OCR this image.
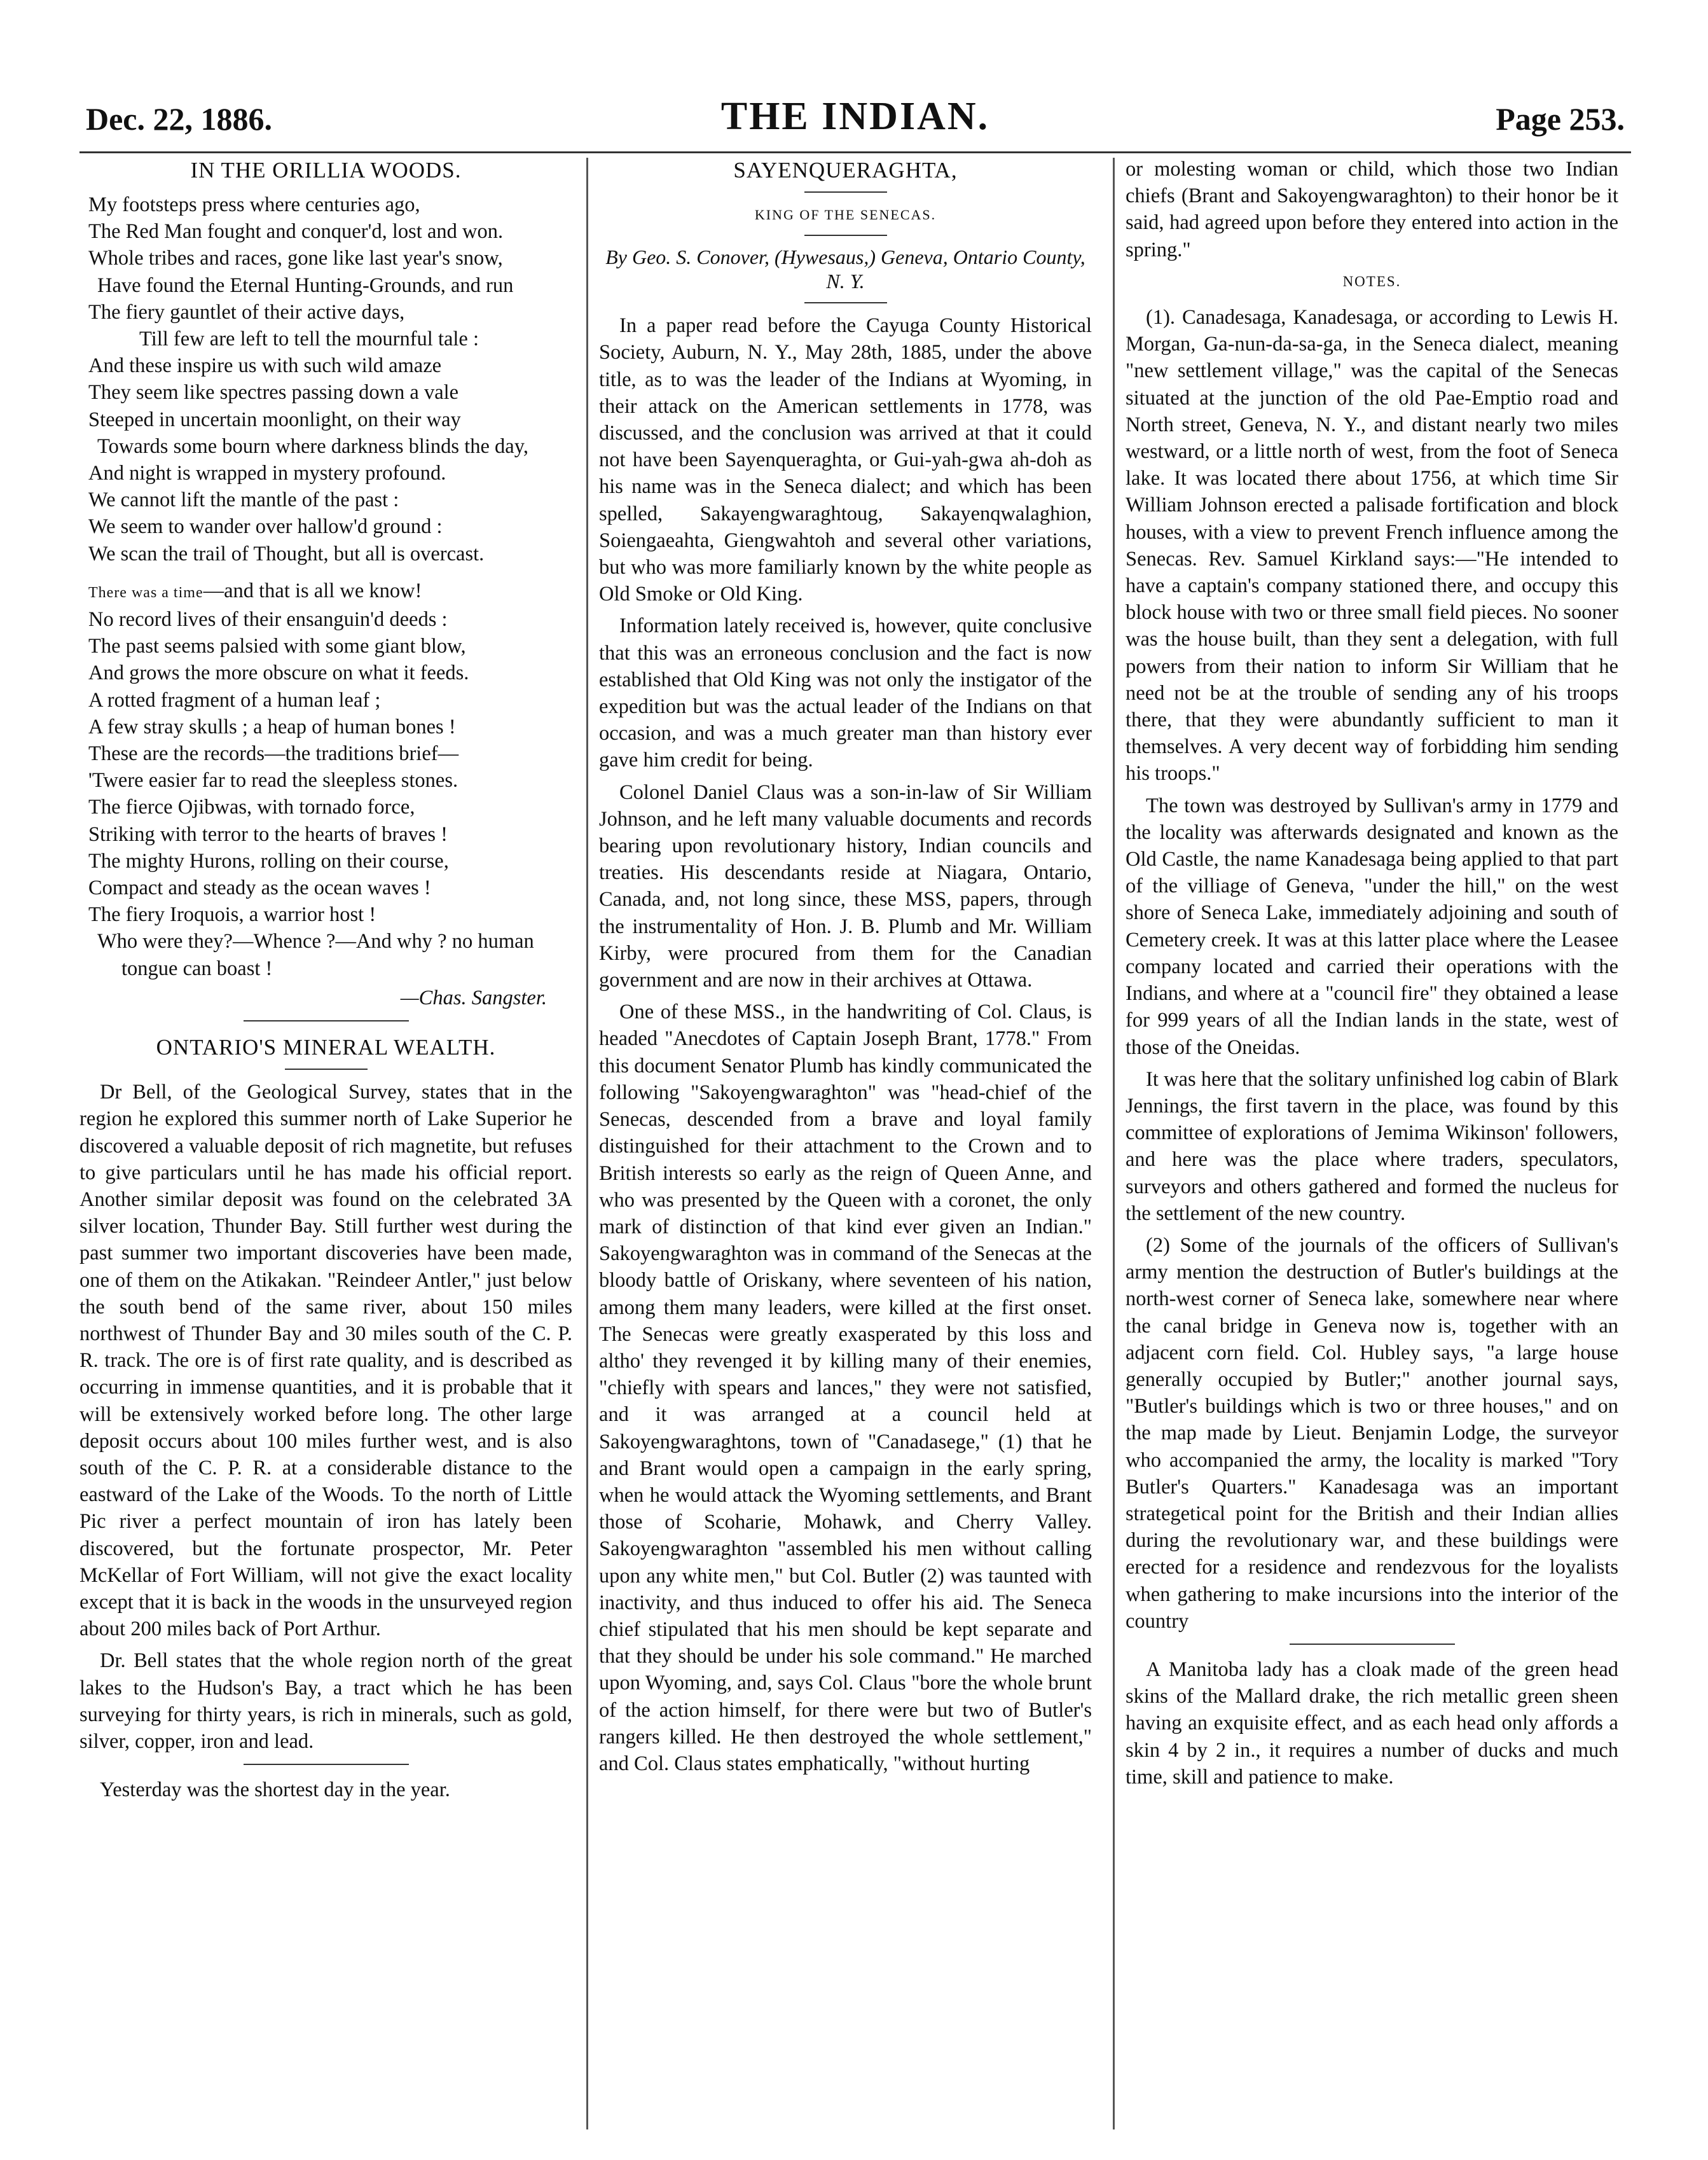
Dec. 22, 1886.	THE INDIAN.	Page 253.
IN THE ORILLIA WOODS.
My footsteps press where centuries ago,
The Red Man fought and conquer'd, lost and won.
Whole tribes and races, gone like last year's snow,
Have found the Eternal Hunting-Grounds, and run
The fiery gauntlet of their active days,
Till few are left to tell the mournful tale :
And these inspire us with such wild amaze
They seem like spectres passing down a vale
Steeped in uncertain moonlight, on their way
Towards some bourn where darkness blinds the day,
And night is wrapped in mystery profound.
We cannot lift the mantle of the past :
We seem to wander over hallow'd ground :
We scan the trail of Thought, but all is overcast.
There was a time—and that is all we know!
No record lives of their ensanguin'd deeds :
The past seems palsied with some giant blow,
And grows the more obscure on what it feeds.
A rotted fragment of a human leaf ;
A few stray skulls ; a heap of human bones !
These are the records—the traditions brief—
'Twere easier far to read the sleepless stones.
The fierce Ojibwas, with tornado force,
Striking with terror to the hearts of braves !
The mighty Hurons, rolling on their course,
Compact and steady as the ocean waves !
The fiery Iroquois, a warrior host !
Who were they?—Whence ?—And why ? no human tongue can boast !
—Chas. Sangster.
ONTARIO'S MINERAL WEALTH.

Dr Bell, of the Geological Survey, states that in the region he explored this summer north of Lake Superior he discovered a valuable deposit of rich magnetite, but refuses to give particulars until he has made his official report. Another similar deposit was found on the celebrated 3A silver location, Thunder Bay. Still further west during the past summer two important discoveries have been made, one of them on the Atikakan. "Reindeer Antler," just below the south bend of the same river, about 150 miles northwest of Thunder Bay and 30 miles south of the C. P. R. track. The ore is of first rate quality, and is described as occurring in immense quantities, and it is probable that it will be extensively worked before long. The other large deposit occurs about 100 miles further west, and is also south of the C. P. R. at a considerable distance to the eastward of the Lake of the Woods. To the north of Little Pic river a perfect mountain of iron has lately been discovered, but the fortunate prospector, Mr. Peter McKellar of Fort William, will not give the exact locality except that it is back in the woods in the unsurveyed region about 200 miles back of Port Arthur.

Dr. Bell states that the whole region north of the great lakes to the Hudson's Bay, a tract which he has been surveying for thirty years, is rich in minerals, such as gold, silver, copper, iron and lead.

Yesterday was the shortest day in the year.

SAYENQUERAGHTA,
KING OF THE SENECAS.
By Geo. S. Conover, (Hywesaus,) Geneva, Ontario County, N. Y.

In a paper read before the Cayuga County Historical Society, Auburn, N. Y., May 28th, 1885, under the above title, as to was the leader of the Indians at Wyoming, in their attack on the American settlements in 1778, was discussed, and the conclusion was arrived at that it could not have been Sayenqueraghta, or Gui-yah-gwa ah-doh as his name was in the Seneca dialect; and which has been spelled, Sakayengwaraghtoug, Sakayenqwalaghion, Soiengaeahta, Giengwahtoh and several other variations, but who was more familiarly known by the white people as Old Smoke or Old King.

Information lately received is, however, quite conclusive that this was an erroneous conclusion and the fact is now established that Old King was not only the instigator of the expedition but was the actual leader of the Indians on that occasion, and was a much greater man than history ever gave him credit for being.

Colonel Daniel Claus was a son-in-law of Sir William Johnson, and he left many valuable documents and records bearing upon revolutionary history, Indian councils and treaties. His descendants reside at Niagara, Ontario, Canada, and, not long since, these MSS, papers, through the instrumentality of Hon. J. B. Plumb and Mr. William Kirby, were procured from them for the Canadian government and are now in their archives at Ottawa.

One of these MSS., in the handwriting of Col. Claus, is headed "Anecdotes of Captain Joseph Brant, 1778." From this document Senator Plumb has kindly communicated the following "Sakoyengwaraghton" was "head-chief of the Senecas, descended from a brave and loyal family distinguished for their attachment to the Crown and to British interests so early as the reign of Queen Anne, and who was presented by the Queen with a coronet, the only mark of distinction of that kind ever given an Indian." Sakoyengwaraghton was in command of the Senecas at the bloody battle of Oriskany, where seventeen of his nation, among them many leaders, were killed at the first onset. The Senecas were greatly exasperated by this loss and altho' they revenged it by killing many of their enemies, "chiefly with spears and lances," they were not satisfied, and it was arranged at a council held at Sakoyengwaraghtons, town of "Canadasege," (1) that he and Brant would open a campaign in the early spring, when he would attack the Wyoming settlements, and Brant those of Scoharie, Mohawk, and Cherry Valley. Sakoyengwaraghton "assembled his men without calling upon any white men," but Col. Butler (2) was taunted with inactivity, and thus induced to offer his aid. The Seneca chief stipulated that his men should be kept separate and that they should be under his sole command." He marched upon Wyoming, and, says Col. Claus "bore the whole brunt of the action himself, for there were but two of Butler's rangers killed. He then destroyed the whole settlement," and Col. Claus states emphatically, "without hurting

or molesting woman or child, which those two Indian chiefs (Brant and Sakoyengwaraghton) to their honor be it said, had agreed upon before they entered into action in the spring."

NOTES.

(1). Canadesaga, Kanadesaga, or according to Lewis H. Morgan, Ga-nun-da-sa-ga, in the Seneca dialect, meaning "new settlement village," was the capital of the Senecas situated at the junction of the old Pae-Emptio road and North street, Geneva, N. Y., and distant nearly two miles westward, or a little north of west, from the foot of Seneca lake. It was located there about 1756, at which time Sir William Johnson erected a palisade fortification and block houses, with a view to prevent French influence among the Senecas. Rev. Samuel Kirkland says:—"He intended to have a captain's company stationed there, and occupy this block house with two or three small field pieces. No sooner was the house built, than they sent a delegation, with full powers from their nation to inform Sir William that he need not be at the trouble of sending any of his troops there, that they were abundantly sufficient to man it themselves. A very decent way of forbidding him sending his troops."

The town was destroyed by Sullivan's army in 1779 and the locality was afterwards designated and known as the Old Castle, the name Kanadesaga being applied to that part of the villiage of Geneva, "under the hill," on the west shore of Seneca Lake, immediately adjoining and south of Cemetery creek. It was at this latter place where the Leasee company located and carried their operations with the Indians, and where at a "council fire" they obtained a lease for 999 years of all the Indian lands in the state, west of those of the Oneidas.

It was here that the solitary unfinished log cabin of Blark Jennings, the first tavern in the place, was found by this committee of explorations of Jemima Wikinson' followers, and here was the place where traders, speculators, surveyors and others gathered and formed the nucleus for the settlement of the new country.

(2) Some of the journals of the officers of Sullivan's army mention the destruction of Butler's buildings at the north-west corner of Seneca lake, somewhere near where the canal bridge in Geneva now is, together with an adjacent corn field. Col. Hubley says, "a large house generally occupied by Butler;" another journal says, "Butler's buildings which is two or three houses," and on the map made by Lieut. Benjamin Lodge, the surveyor who accompanied the army, the locality is marked "Tory Butler's Quarters." Kanadesaga was an important strategetical point for the British and their Indian allies during the revolutionary war, and these buildings were erected for a residence and rendezvous for the loyalists when gathering to make incursions into the interior of the country

A Manitoba lady has a cloak made of the green head skins of the Mallard drake, the rich metallic green sheen having an exquisite effect, and as each head only affords a skin 4 by 2 in., it requires a number of ducks and much time, skill and patience to make.
